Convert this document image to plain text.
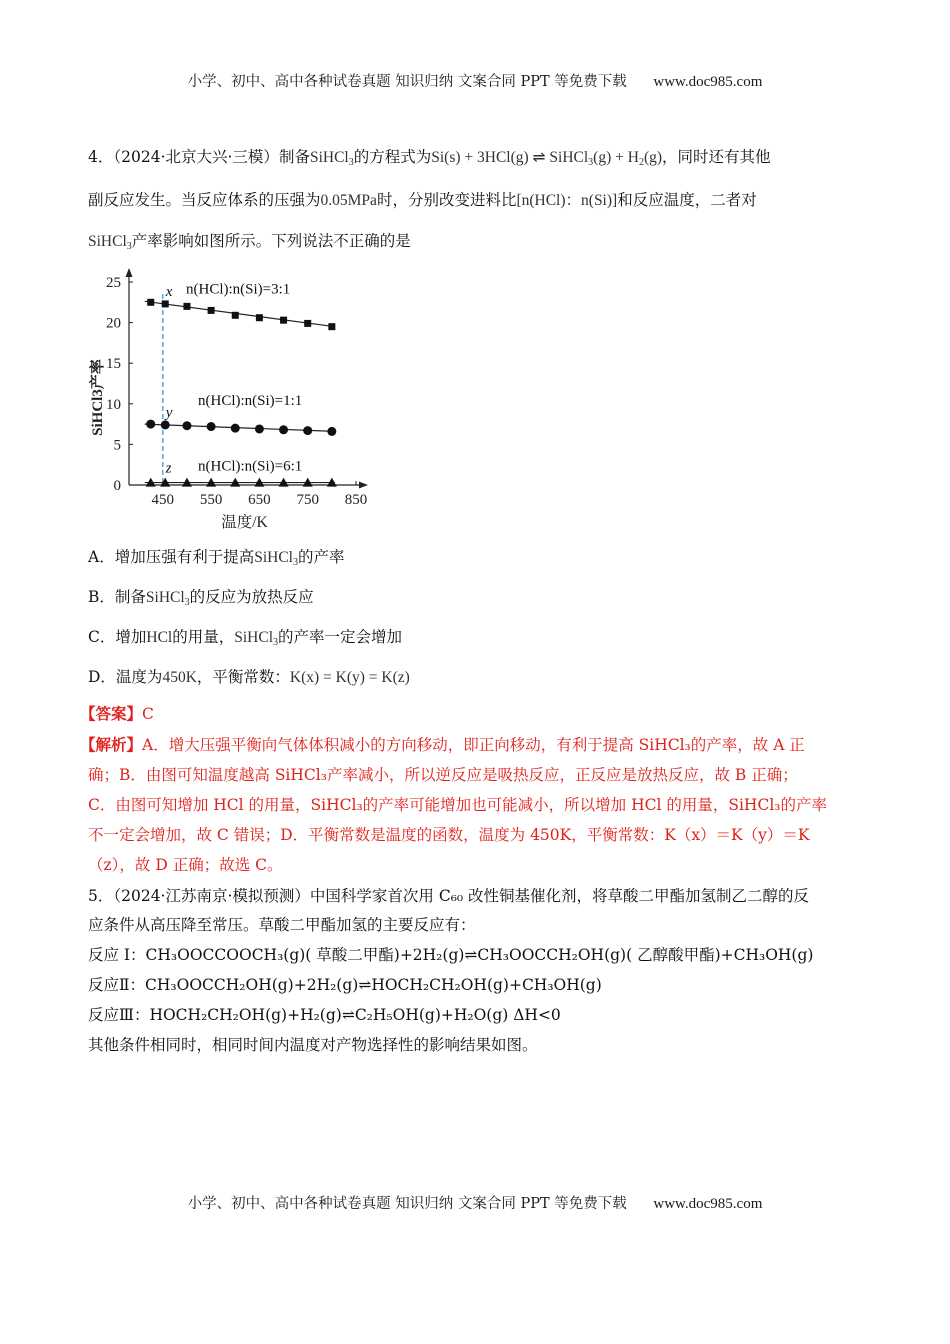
小学、初中、高中各种试卷真题 知识归纳 文案合同 PPT 等免费下载 www.doc985.com
4．（2024·北京大兴·三模）制备SiHCl$_3$的方程式为Si(s) + 3HCl(g) ⇌ SiHCl$_3$(g) + $H_2(g)$，同时还有其他
副反应发生。当反应体系的压强为0.05MPa时，分别改变进料比[n(HCl)：n(Si)]和反应温度，二者对
SiHCl$_3$产率影响如图所示。下列说法不正确的是
450 550 650 750 850
0
5
10
15
20
25
温度/K
SiHCl3产率
x n(HCl):n(Si)=3:1
y
n(HCl):n(Si)=1:1
z n(HCl):n(Si)=6:1
A．增加压强有利于提高SiHCl$_3$的产率
B．制备SiHCl$_3$的反应为放热反应
C．增加HCl的用量，SiHCl$_3$的产率一定会增加
D．温度为450K，平衡常数：K(x) = K(y) = K(z)
【答案】C
【解析】A．增大压强平衡向气体体积减小的方向移动，即正向移动，有利于提高 SiHCl₃的产率，故 A 正
确；B．由图可知温度越高 SiHCl₃产率减小，所以逆反应是吸热反应，正反应是放热反应，故 B 正确；
C．由图可知增加 HCl 的用量，SiHCl₃的产率可能增加也可能减小，所以增加 HCl 的用量，SiHCl₃的产率
不一定会增加，故 C 错误；D．平衡常数是温度的函数，温度为 450K，平衡常数：K（x）＝K（y）＝K
（z），故 D 正确；故选 C。
5．（2024·江苏南京·模拟预测）中国科学家首次用 C₆₀ 改性铜基催化剂，将草酸二甲酯加氢制乙二醇的反
应条件从高压降至常压。草酸二甲酯加氢的主要反应有：
反应 Ⅰ：CH₃OOCCOOCH₃(g)( 草酸二甲酯)+2H₂(g)⇌CH₃OOCCH₂OH(g)( 乙醇酸甲酯)+CH₃OH(g)
反应Ⅱ：CH₃OOCCH₂OH(g)+2H₂(g)⇌HOCH₂CH₂OH(g)+CH₃OH(g)
反应Ⅲ：HOCH₂CH₂OH(g)+H₂(g)⇌C₂H₅OH(g)+H₂O(g) ΔH<0
其他条件相同时，相同时间内温度对产物选择性的影响结果如图。
小学、初中、高中各种试卷真题 知识归纳 文案合同 PPT 等免费下载 www.doc985.com
